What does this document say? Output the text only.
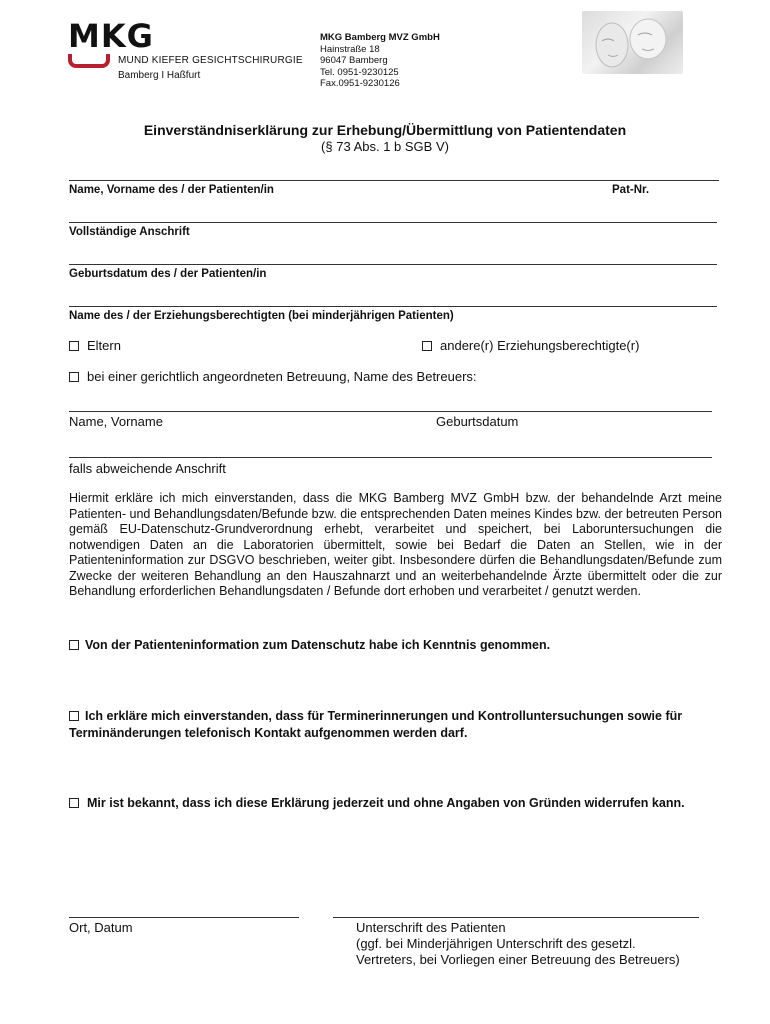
MKG
MUND KIEFER GESICHTSCHIRURGIE
Bamberg I Haßfurt
MKG Bamberg MVZ GmbH
Hainstraße 18
96047 Bamberg
Tel. 0951-9230125
Fax.0951-9230126
Einverständniserklärung zur Erhebung/Übermittlung von Patientendaten
(§ 73 Abs. 1 b SGB V)
Name, Vorname des / der Patienten/in	Pat-Nr.
Vollständige Anschrift
Geburtsdatum des / der Patienten/in
Name des / der Erziehungsberechtigten (bei minderjährigen Patienten)
Eltern	andere(r) Erziehungsberechtigte(r)
bei einer gerichtlich angeordneten Betreuung, Name des Betreuers:
Name, Vorname	Geburtsdatum
falls abweichende Anschrift
Hiermit erkläre ich mich einverstanden, dass die MKG Bamberg MVZ GmbH bzw. der behandelnde Arzt meine Patienten- und Behandlungsdaten/Befunde bzw. die entsprechenden Daten meines Kindes bzw. der betreuten Person gemäß EU-Datenschutz-Grundverordnung erhebt, verarbeitet und speichert, bei Laboruntersuchungen die notwendigen Daten an die Laboratorien übermittelt, sowie bei Bedarf die Daten an Stellen, wie in der Patienteninformation zur DSGVO beschrieben, weiter gibt. Insbesondere dürfen die Behandlungsdaten/Befunde zum Zwecke der weiteren Behandlung an den Hauszahnarzt und an weiterbehandelnde Ärzte übermittelt oder die zur Behandlung erforderlichen Behandlungsdaten / Befunde dort erhoben und verarbeitet / genutzt werden.
Von der Patienteninformation zum Datenschutz habe ich Kenntnis genommen.
Ich erkläre mich einverstanden, dass für Terminerinnerungen und Kontrolluntersuchungen sowie für Terminänderungen telefonisch Kontakt aufgenommen werden darf.
Mir ist bekannt, dass ich diese Erklärung jederzeit und ohne Angaben von Gründen widerrufen kann.
Ort, Datum	Unterschrift des Patienten
(ggf. bei Minderjährigen Unterschrift des gesetzl.
Vertreters, bei Vorliegen einer Betreuung des Betreuers)
